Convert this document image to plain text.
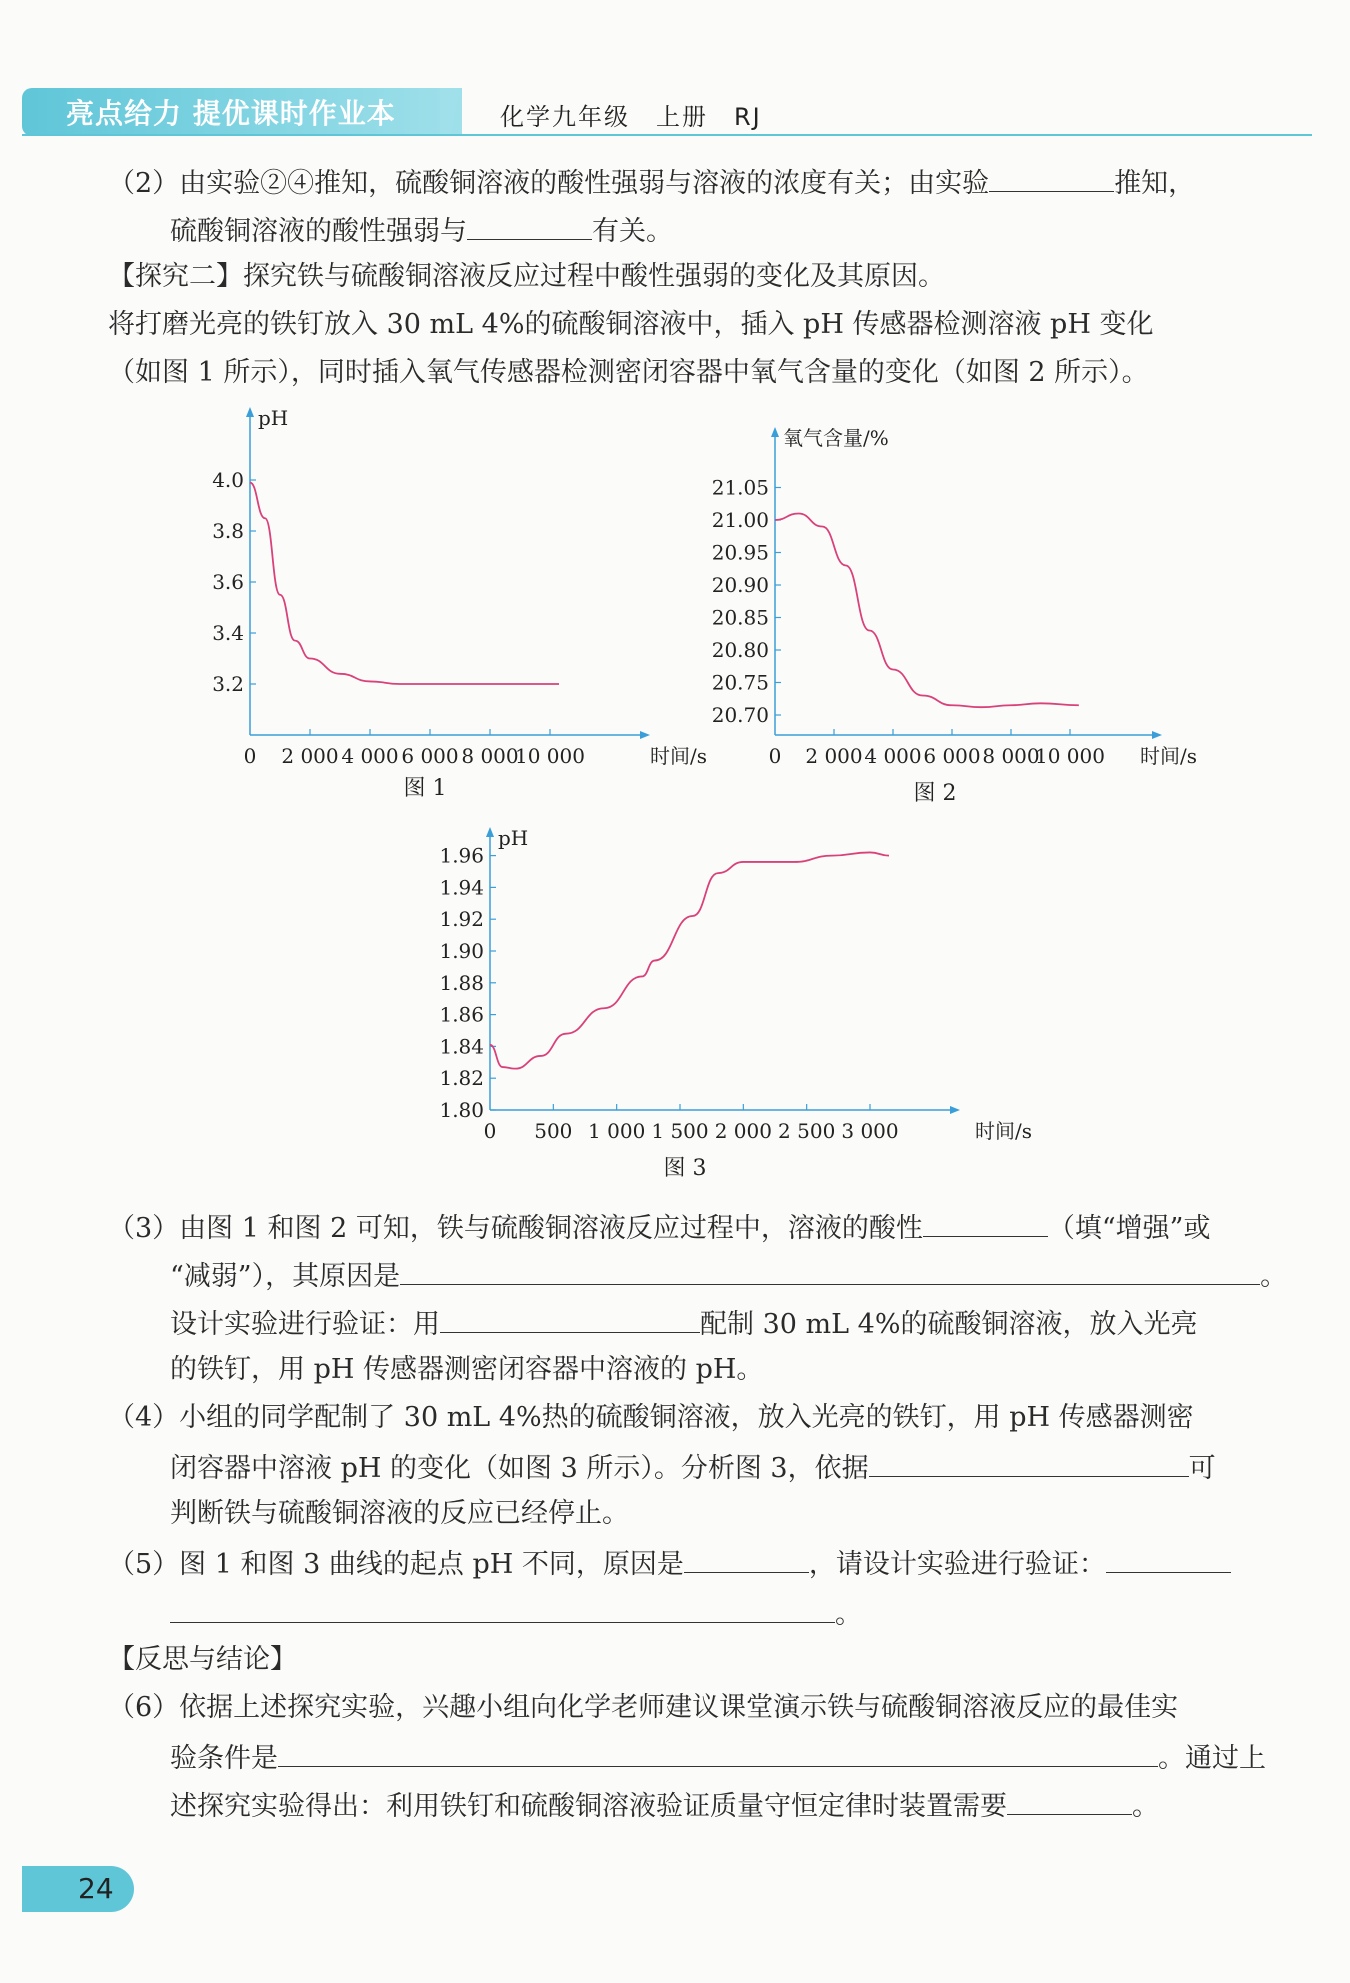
亮点给力 提优课时作业本	化学九年级　上册　RJ
（2）由实验②④推知，硫酸铜溶液的酸性强弱与溶液的浓度有关；由实验	推知，
硫酸铜溶液的酸性强弱与	有关。
【探究二】探究铁与硫酸铜溶液反应过程中酸性强弱的变化及其原因。
将打磨光亮的铁钉放入 30 mL 4%的硫酸铜溶液中，插入 pH 传感器检测溶液 pH 变化
（如图 1 所示），同时插入氧气传感器检测密闭容器中氧气含量的变化（如图 2 所示）。
pH
时间/s
0 2 000 4 000 6 000 8 000
10 000
4.0
3.8
3.6
3.4
3.2
图 1
氧气含量/%
时间/s
0 2 000 4 000 6 000 8 000
10 000
21.05
21.00
20.95
20.90
20.85
20.80
20.75
20.70
图 2
pH
时间/s
0 500 1 000 1 500 2 000 2 500 3 000
1.96
1.94
1.92
1.90
1.88
1.86
1.84
1.82
1.80
图 3
（3）由图 1 和图 2 可知，铁与硫酸铜溶液反应过程中，溶液的酸性	（填“增强”或
“减弱”），其原因是	。
设计实验进行验证：用	配制 30 mL 4%的硫酸铜溶液，放入光亮
的铁钉，用 pH 传感器测密闭容器中溶液的 pH。
（4）小组的同学配制了 30 mL 4%热的硫酸铜溶液，放入光亮的铁钉，用 pH 传感器测密
闭容器中溶液 pH 的变化（如图 3 所示）。分析图 3，依据	可
判断铁与硫酸铜溶液的反应已经停止。
（5）图 1 和图 3 曲线的起点 pH 不同，原因是	，请设计实验进行验证：
。
【反思与结论】
（6）依据上述探究实验，兴趣小组向化学老师建议课堂演示铁与硫酸铜溶液反应的最佳实
验条件是	。通过上
述探究实验得出：利用铁钉和硫酸铜溶液验证质量守恒定律时装置需要	。
24
